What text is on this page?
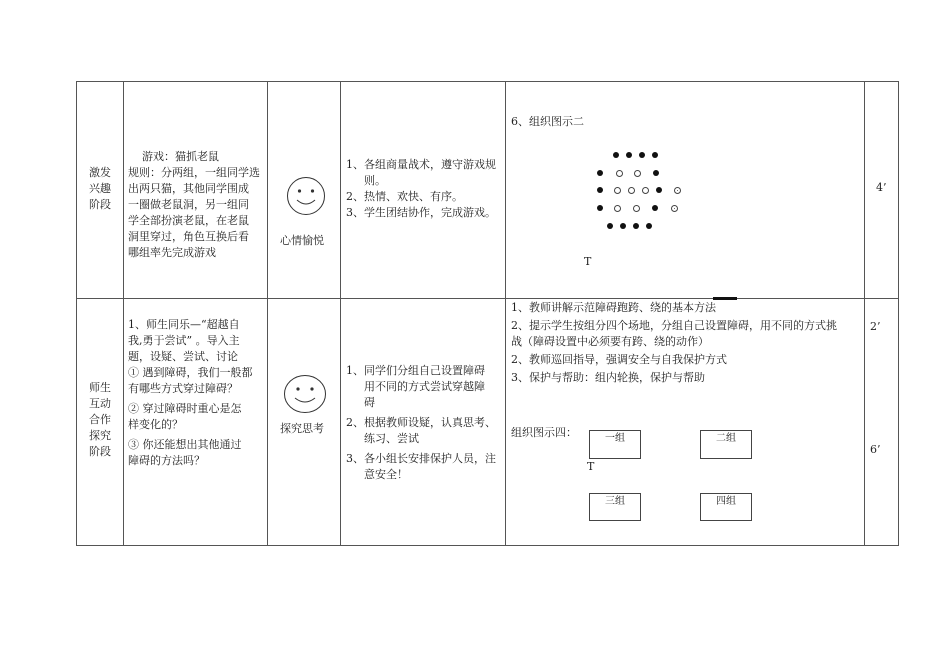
激发兴趣阶段
游戏：猫抓老鼠
规则：分两组，一组同学选
出两只猫，其他同学围成
一圈做老鼠洞，另一组同
学全部扮演老鼠，在老鼠
洞里穿过，角色互换后看
哪组率先完成游戏
心情愉悦
1、各组商量战术，遵守游戏规
则。
2、热情、欢快、有序。
3、学生团结协作，完成游戏。
6、组织图示二
T
4’
师生互动合作探究阶段
1、师生同乐—“超越自
我,勇于尝试” 。导入主
题，设疑、尝试、讨论
① 遇到障碍，我们一般都
有哪些方式穿过障碍？
② 穿过障碍时重心是怎
样变化的？
③ 你还能想出其他通过
障碍的方法吗？
探究思考
1、同学们分组自己设置障碍
用不同的方式尝试穿越障
碍
2、根据教师设疑，认真思考、
练习、尝试
3、各小组长安排保护人员，注
意安全！
1、教师讲解示范障碍跑跨、绕的基本方法
2、提示学生按组分四个场地，分组自己设置障碍，用不同的方式挑
战（障碍设置中必须要有跨、绕的动作）
2、教师巡回指导，强调安全与自我保护方式
3、保护与帮助：组内轮换，保护与帮助
组织图示四：
T
一组	二组
三组	四组
2’
6’
